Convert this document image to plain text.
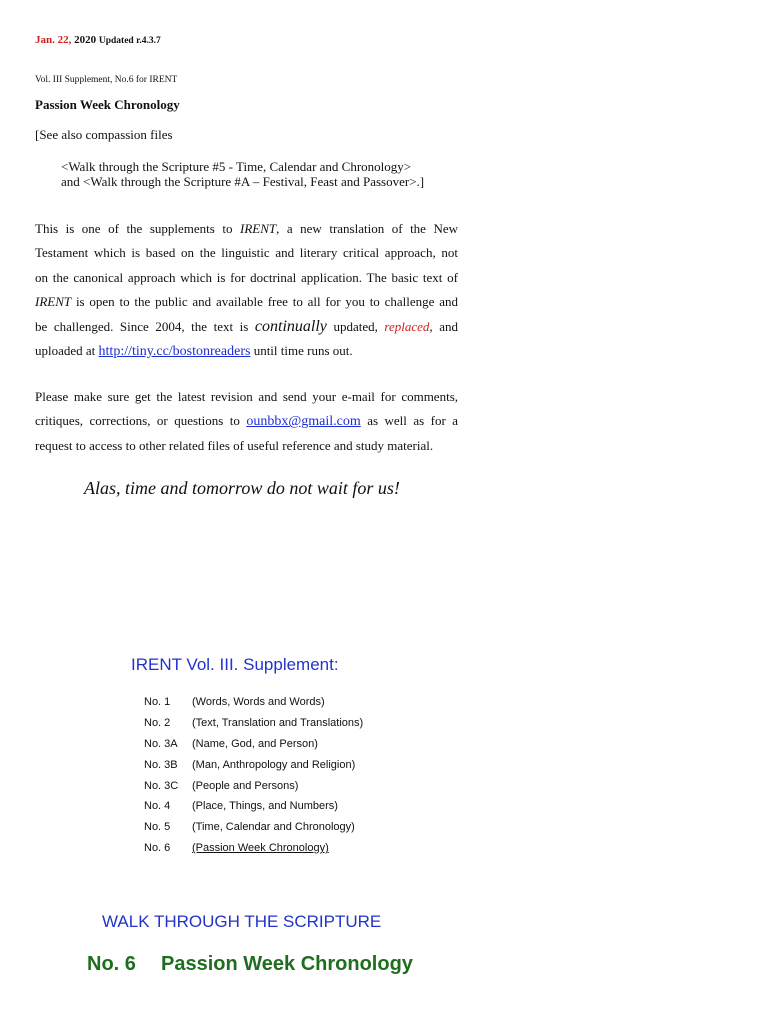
Jan. 22, 2020 Updated r.4.3.7
Vol. III Supplement, No.6 for IRENT
Passion Week Chronology
[See also compassion files
<Walk through the Scripture #5 - Time, Calendar and Chronology>
and <Walk through the Scripture #A – Festival, Feast and Passover>.]
This is one of the supplements to IRENT, a new translation of the New
Testament which is based on the linguistic and literary critical approach, not
on the canonical approach which is for doctrinal application. The basic text of
IRENT is open to the public and available free to all for you to challenge and
be challenged. Since 2004, the text is continually updated, replaced, and
uploaded at http://tiny.cc/bostonreaders until time runs out.
Please make sure get the latest revision and send your e-mail for comments,
critiques, corrections, or questions to ounbbx@gmail.com as well as for a
request to access to other related files of useful reference and study material.
Alas, time and tomorrow do not wait for us!
IRENT Vol. III. Supplement:
No. 1 (Words, Words and Words)
No. 2 (Text, Translation and Translations)
No. 3A (Name, God, and Person)
No. 3B (Man, Anthropology and Religion)
No. 3C (People and Persons)
No. 4 (Place, Things, and Numbers)
No. 5 (Time, Calendar and Chronology)
No. 6 (Passion Week Chronology)
WALK THROUGH THE SCRIPTURE
No. 6 Passion Week Chronology
